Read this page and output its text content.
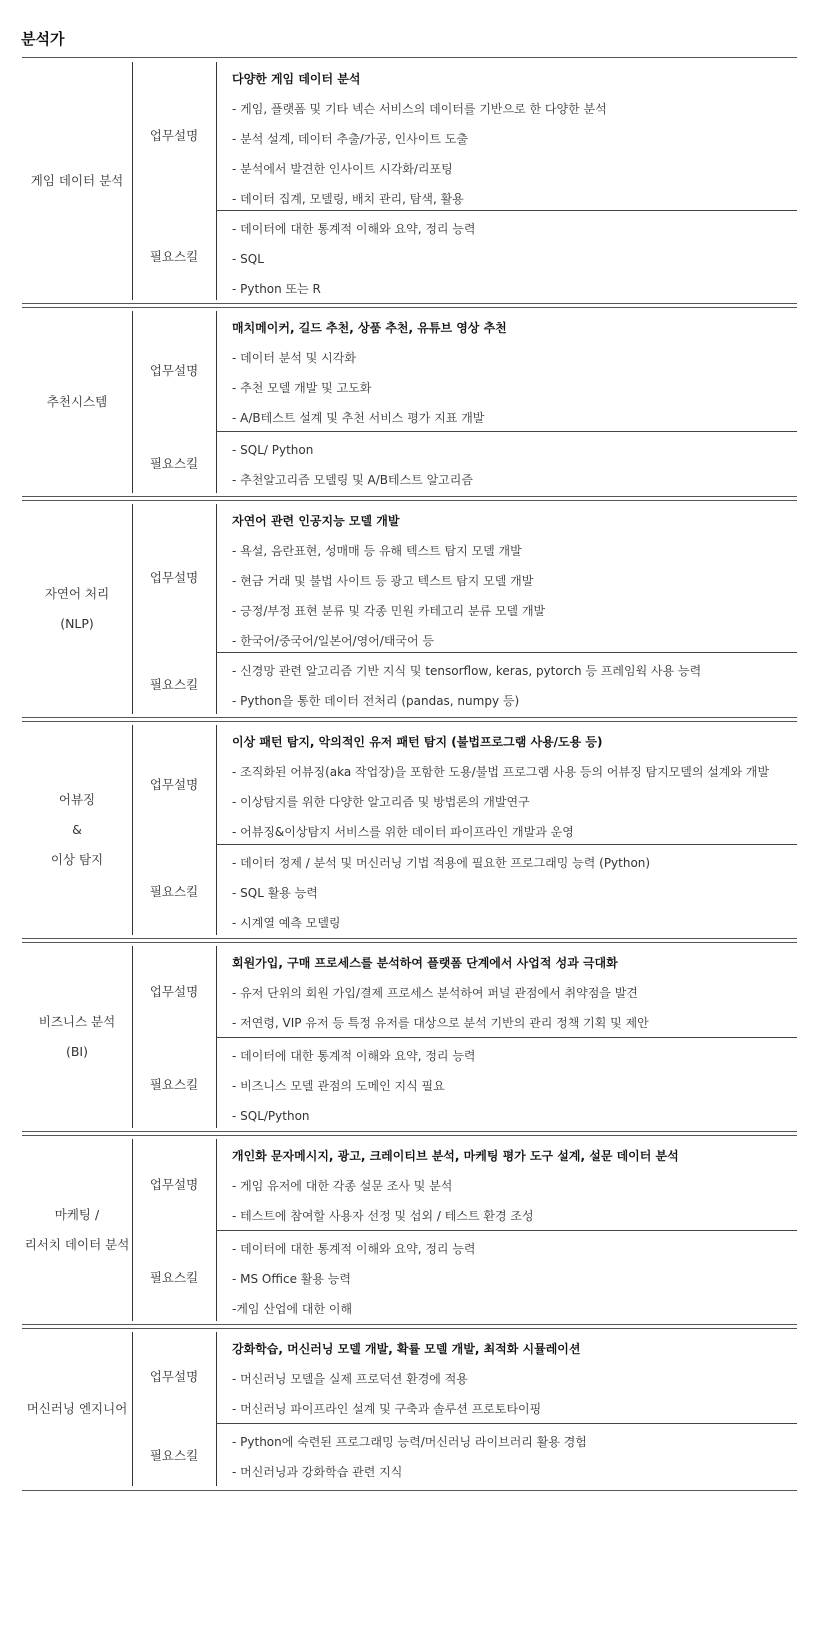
분석가
게임 데이터 분석
업무설명
다양한 게임 데이터 분석
- 게임, 플랫폼 및 기타 넥슨 서비스의 데이터를 기반으로 한 다양한 분석
- 분석 설계, 데이터 추출/가공, 인사이트 도출
- 분석에서 발견한 인사이트 시각화/리포팅
- 데이터 집계, 모델링, 배치 관리, 탐색, 활용
필요스킬
- 데이터에 대한 통계적 이해와 요약, 정리 능력
- SQL
- Python 또는 R
추천시스템
업무설명
매치메이커, 길드 추천, 상품 추천, 유튜브 영상 추천
- 데이터 분석 및 시각화
- 추천 모델 개발 및 고도화
- A/B테스트 설계 및 추천 서비스 평가 지표 개발
필요스킬
- SQL/ Python
- 추천알고리즘 모델링 및 A/B테스트 알고리즘
자연어 처리
(NLP)
업무설명
자연어 관련 인공지능 모델 개발
- 욕설, 음란표현, 성매매 등 유해 텍스트 탐지 모델 개발
- 현금 거래 및 불법 사이트 등 광고 텍스트 탐지 모델 개발
- 긍정/부정 표현 분류 및 각종 민원 카테고리 분류 모델 개발
- 한국어/중국어/일본어/영어/태국어 등
필요스킬
- 신경망 관련 알고리즘 기반 지식 및 tensorflow, keras, pytorch 등 프레임웍 사용 능력
- Python을 통한 데이터 전처리 (pandas, numpy 등)
어뷰징
&
이상 탐지
업무설명
이상 패턴 탐지, 악의적인 유저 패턴 탐지 (불법프로그램 사용/도용 등)
- 조직화된 어뷰징(aka 작업장)을 포함한 도용/불법 프로그램 사용 등의 어뷰징 탐지모델의 설계와 개발
- 이상탐지를 위한 다양한 알고리즘 및 방법론의 개발연구
- 어뷰징&이상탐지 서비스를 위한 데이터 파이프라인 개발과 운영
필요스킬
- 데이터 정제 / 분석 및 머신러닝 기법 적용에 필요한 프로그래밍 능력 (Python)
- SQL 활용 능력
- 시계열 예측 모델링
비즈니스 분석
(BI)
업무설명
회원가입, 구매 프로세스를 분석하여 플랫폼 단계에서 사업적 성과 극대화
- 유저 단위의 회원 가입/결제 프로세스 분석하여 퍼널 관점에서 취약점을 발견
- 저연령, VIP 유저 등 특정 유저를 대상으로 분석 기반의 관리 정책 기획 및 제안
필요스킬
- 데이터에 대한 통계적 이해와 요약, 정리 능력
- 비즈니스 모델 관점의 도메인 지식 필요
- SQL/Python
마케팅 /
리서치 데이터 분석
업무설명
개인화 문자메시지, 광고, 크레이티브 분석, 마케팅 평가 도구 설계, 설문 데이터 분석
- 게임 유저에 대한 각종 설문 조사 및 분석
- 테스트에 참여할 사용자 선정 및 섭외 / 테스트 환경 조성
필요스킬
- 데이터에 대한 통계적 이해와 요약, 정리 능력
- MS Office 활용 능력
-게임 산업에 대한 이해
머신러닝 엔지니어
업무설명
강화학습, 머신러닝 모델 개발, 확률 모델 개발, 최적화 시뮬레이션
- 머신러닝 모델을 실제 프로덕션 환경에 적용
- 머신러닝 파이프라인 설계 및 구축과 솔루션 프로토타이핑
필요스킬
- Python에 숙련된 프로그래밍 능력/머신러닝 라이브러리 활용 경험
- 머신러닝과 강화학습 관련 지식
